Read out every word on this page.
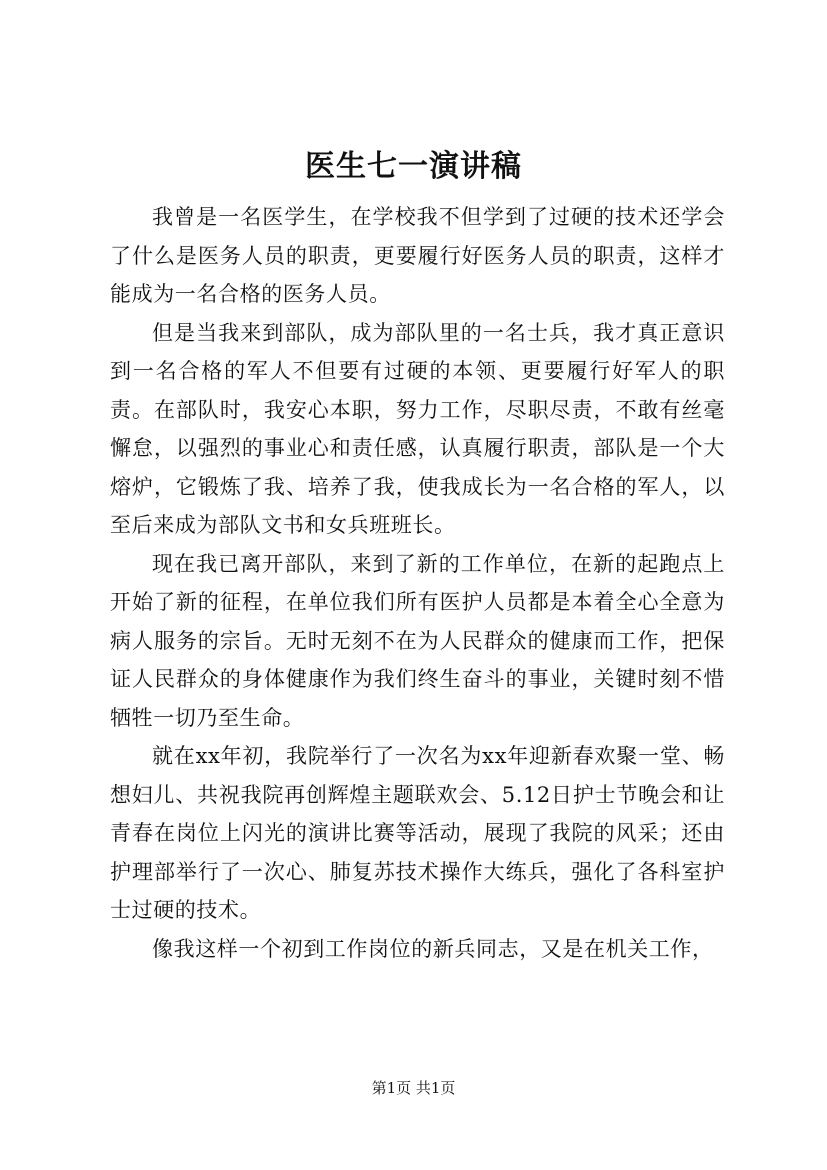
医生七一演讲稿

我曾是一名医学生，在学校我不但学到了过硬的技术还学会了什么是医务人员的职责，更要履行好医务人员的职责，这样才能成为一名合格的医务人员。

但是当我来到部队，成为部队里的一名士兵，我才真正意识到一名合格的军人不但要有过硬的本领、更要履行好军人的职责。在部队时，我安心本职，努力工作，尽职尽责，不敢有丝毫懈怠，以强烈的事业心和责任感，认真履行职责，部队是一个大熔炉，它锻炼了我、培养了我，使我成长为一名合格的军人，以至后来成为部队文书和女兵班班长。

现在我已离开部队，来到了新的工作单位，在新的起跑点上开始了新的征程，在单位我们所有医护人员都是本着全心全意为病人服务的宗旨。无时无刻不在为人民群众的健康而工作，把保证人民群众的身体健康作为我们终生奋斗的事业，关键时刻不惜牺牲一切乃至生命。

就在xx年初，我院举行了一次名为xx年迎新春欢聚一堂、畅想妇儿、共祝我院再创辉煌主题联欢会、5.12日护士节晚会和让青春在岗位上闪光的演讲比赛等活动，展现了我院的风采；还由护理部举行了一次心、肺复苏技术操作大练兵，强化了各科室护士过硬的技术。

像我这样一个初到工作岗位的新兵同志，又是在机关工作，

第1页 共1页
